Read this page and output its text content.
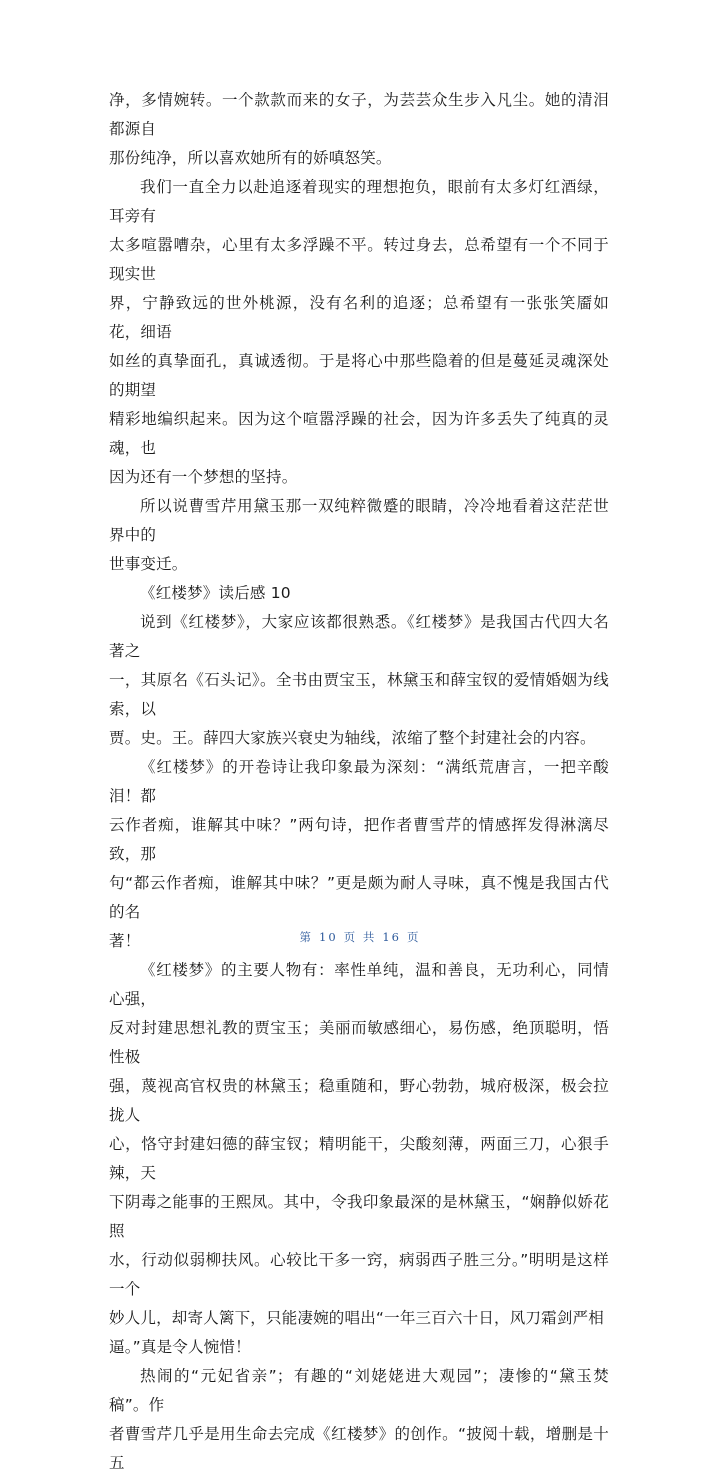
净，多情婉转。一个款款而来的女子，为芸芸众生步入凡尘。她的清泪都源自
那份纯净，所以喜欢她所有的娇嗔怒笑。

我们一直全力以赴追逐着现实的理想抱负，眼前有太多灯红酒绿，耳旁有
太多喧嚣嘈杂，心里有太多浮躁不平。转过身去，总希望有一个不同于现实世
界，宁静致远的世外桃源，没有名利的追逐；总希望有一张张笑靥如花，细语
如丝的真挚面孔，真诚透彻。于是将心中那些隐着的但是蔓延灵魂深处的期望
精彩地编织起来。因为这个喧嚣浮躁的社会，因为许多丢失了纯真的灵魂，也
因为还有一个梦想的坚持。

所以说曹雪芹用黛玉那一双纯粹微蹙的眼睛，冷冷地看着这茫茫世界中的
世事变迁。

《红楼梦》读后感 10

说到《红楼梦》，大家应该都很熟悉。《红楼梦》是我国古代四大名著之
一，其原名《石头记》。全书由贾宝玉，林黛玉和薛宝钗的爱情婚姻为线索，以
贾。史。王。薛四大家族兴衰史为轴线，浓缩了整个封建社会的内容。

《红楼梦》的开卷诗让我印象最为深刻：“满纸荒唐言，一把辛酸泪！都
云作者痴，谁解其中味？”两句诗，把作者曹雪芹的情感挥发得淋漓尽致，那
句“都云作者痴，谁解其中味？”更是颇为耐人寻味，真不愧是我国古代的名
著！

《红楼梦》的主要人物有：率性单纯，温和善良，无功利心，同情心强，
反对封建思想礼教的贾宝玉；美丽而敏感细心，易伤感，绝顶聪明，悟性极
强，蔑视高官权贵的林黛玉；稳重随和，野心勃勃，城府极深，极会拉拢人
心，恪守封建妇德的薛宝钗；精明能干，尖酸刻薄，两面三刀，心狠手辣，天
下阴毒之能事的王熙凤。其中，令我印象最深的是林黛玉，“娴静似娇花照
水，行动似弱柳扶风。心较比干多一窍，病弱西子胜三分。”明明是这样一个
妙人儿，却寄人篱下，只能凄婉的唱出“一年三百六十日，风刀霜剑严相
逼。”真是令人惋惜！

热闹的“元妃省亲”；有趣的“刘姥姥进大观园”；凄惨的“黛玉焚稿”。作
者曹雪芹几乎是用生命去完成《红楼梦》的创作。“披阅十载，增删是十五

第 10 页 共 16 页
